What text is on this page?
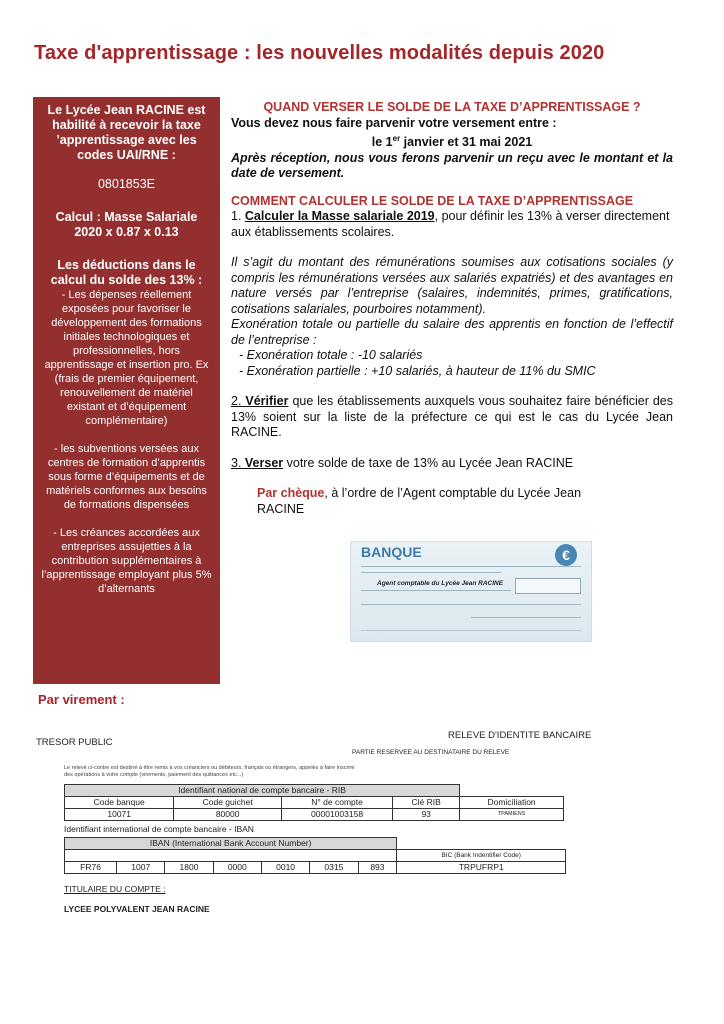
Taxe d'apprentissage : les nouvelles modalités depuis 2020
Le Lycée Jean RACINE est habilité à recevoir la taxe ’apprentissage avec les codes UAI/RNE :
0801853E
Calcul : Masse Salariale 2020 x 0.87 x 0.13
Les déductions dans le calcul du solde des 13% :
- Les dépenses réellement exposées pour favoriser le développement des formations initiales technologiques et professionnelles, hors apprentissage et insertion pro. Ex (frais de premier équipement, renouvellement de matériel existant et d’équipement complémentaire)
- les subventions versées aux centres de formation d’apprentis sous forme d’équipements et de matériels conformes aux besoins de formations dispensées
- Les créances accordées aux entreprises assujetties à la contribution supplémentaires à l’apprentissage employant plus 5% d’alternants
QUAND VERSER LE SOLDE DE LA TAXE D’APPRENTISSAGE ?
Vous devez nous faire parvenir votre versement entre :
le 1er janvier et 31 mai 2021
Après réception, nous vous ferons parvenir un reçu avec le montant et la date de versement.
COMMENT CALCULER LE SOLDE DE LA TAXE D’APPRENTISSAGE
1. Calculer la Masse salariale 2019, pour définir les 13% à verser directement aux établissements scolaires.
Il s’agit du montant des rémunérations soumises aux cotisations sociales (y compris les rémunérations versées aux salariés expatriés) et des avantages en nature versés par l’entreprise (salaires, indemnités, primes, gratifications, cotisations salariales, pourboires notamment).
Exonération totale ou partielle du salaire des apprentis en fonction de l’effectif de l’entreprise :
- Exonération totale : -10 salariés
- Exonération partielle : +10 salariés, à hauteur de 11% du SMIC
2. Vérifier que les établissements auxquels vous souhaitez faire bénéficier des 13% soient sur la liste de la préfecture ce qui est le cas du Lycée Jean RACINE.
3. Verser votre solde de taxe de 13% au Lycée Jean RACINE
Par chèque, à l’ordre de l’Agent comptable du Lycée Jean RACINE
BANQUE	€
Agent comptable du Lycée Jean RACINE
Par virement :
TRESOR PUBLIC
RELEVE D'IDENTITE BANCAIRE
PARTIE RESERVEE AU DESTINATAIRE DU RELEVE
Le relevé ci-contre est destiné à être remis à vos créanciers ou débiteurs, français ou étrangers, appelés à faire inscrire des opérations à votre compte (virements, paiement des quittances etc...)
Identifiant national de compte bancaire - RIB				
Code banque	Code guichet	N° de compte	Clé RIB	Domiciliation
10071	80000	00001003158	93	TPAMIENS
Identifiant international de compte bancaire - IBAN
IBAN (International Bank Account Number)							
							BIC (Bank Indentifier Code)
FR76	1007	1800	0000	0010	0315	893	TRPUFRP1
TITULAIRE DU COMPTE :
LYCEE POLYVALENT JEAN RACINE
